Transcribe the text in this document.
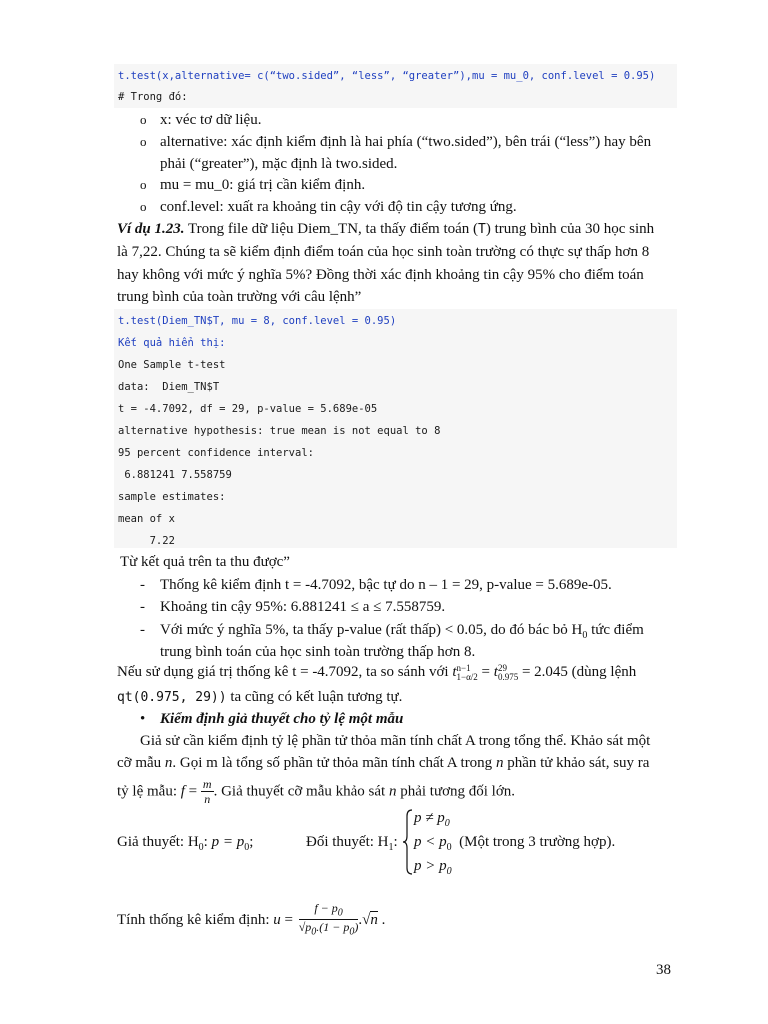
t.test(x,alternative= c(“two.sided”, “less”, “greater”),mu = mu_0, conf.level = 0.95)
# Trong đó:
o x: véc tơ dữ liệu.
o alternative: xác định kiểm định là hai phía (“two.sided”), bên trái (“less”) hay bên
phải (“greater”), mặc định là two.sided.
o mu = mu_0: giá trị cần kiểm định.
o conf.level: xuất ra khoảng tin cậy với độ tin cậy tương ứng.
Ví dụ 1.23. Trong file dữ liệu Diem_TN, ta thấy điểm toán (T) trung bình của 30 học sinh
là 7,22. Chúng ta sẽ kiểm định điểm toán của học sinh toàn trường có thực sự thấp hơn 8
hay không với mức ý nghĩa 5%? Đồng thời xác định khoảng tin cậy 95% cho điểm toán
trung bình của toàn trường với câu lệnh”
t.test(Diem_TN$T, mu = 8, conf.level = 0.95)
Kết quả hiển thị:
One Sample t-test
data:  Diem_TN$T
t = -4.7092, df = 29, p-value = 5.689e-05
alternative hypothesis: true mean is not equal to 8
95 percent confidence interval:
6.881241 7.558759
sample estimates:
mean of x
7.22
Từ kết quả trên ta thu được”
- Thống kê kiểm định t = -4.7092, bậc tự do n – 1 = 29, p-value = 5.689e-05.
- Khoảng tin cậy 95%: 6.881241 ≤ a ≤ 7.558759.
- Với mức ý nghĩa 5%, ta thấy p-value (rất thấp) < 0.05, do đó bác bỏ $H_0$ tức điểm
trung bình toán của học sinh toàn trường thấp hơn 8.
Nếu sử dụng giá trị thống kê t = -4.7092, ta so sánh với t n−1
1−α/2 = t 29
0.975 = 2.045 (dùng lệnh
qt(0.975, 29)) ta cũng có kết luận tương tự.
• Kiểm định giả thuyết cho tỷ lệ một mẫu
Giả sử cần kiểm định tỷ lệ phần tử thỏa mãn tính chất A trong tổng thể. Khảo sát một
cỡ mẫu n. Gọi m là tổng số phần tử thỏa mãn tính chất A trong n phần tử khảo sát, suy ra
tỷ lệ mẫu: $f = \frac{m}{n}$ . Giả thuyết cỡ mẫu khảo sát n phải tương đối lớn.
Giả thuyết: $H_0$: $p = p_0$;	Đối thuyết: $H_1$:
$p \ne p_0$
$p < p_0$ (Một trong 3 trường hợp).
$p > p_0$
Tính thống kê kiểm định: $u = \frac{f - p_0}{√p_0.(1 - p_0)} .√n$ .
38
